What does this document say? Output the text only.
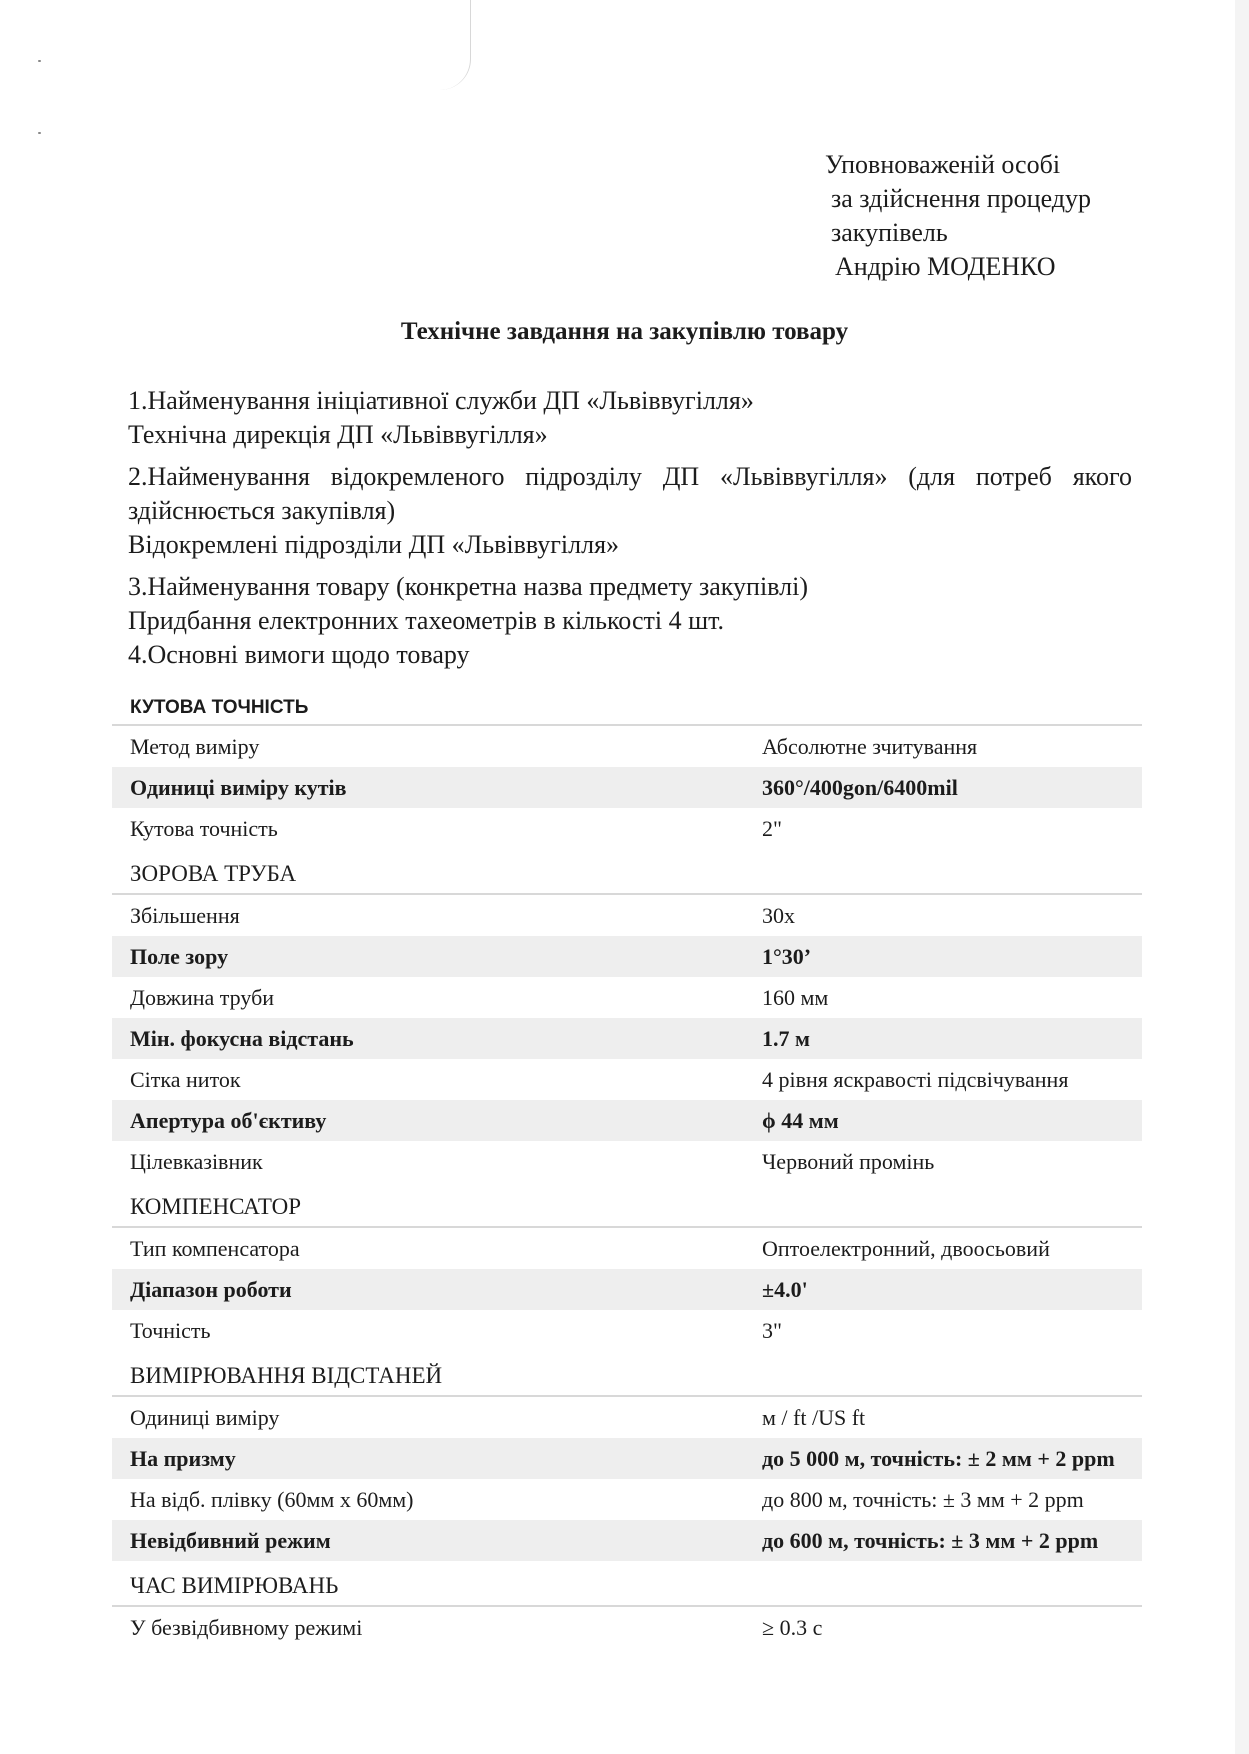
Уповноваженій особі
за здійснення процедур
закупівель
Андрію МОДЕНКО
Технічне завдання на закупівлю товару
1.Найменування ініціативної служби ДП «Львіввугілля»
Технічна дирекція ДП «Львіввугілля»
2.Найменування відокремленого підрозділу ДП «Львіввугілля» (для потреб якого здійснюється закупівля)
Відокремлені підрозділи ДП «Львіввугілля»
3.Найменування товару (конкретна назва предмету закупівлі)
Придбання електронних тахеометрів в кількості 4 шт.
4.Основні вимоги щодо товару
КУТОВА ТОЧНІСТЬ
Метод виміру	Абсолютне зчитування
Одиниці виміру кутів	360°/400gon/6400mil
Кутова точність	2"
ЗОРОВА ТРУБА
Збільшення	30x
Поле зору	1°30’
Довжина труби	160 мм
Мін. фокусна відстань	1.7 м
Сітка ниток	4 рівня яскравості підсвічування
Апертура об'єктиву	ϕ 44 мм
Цілевказівник	Червоний промінь
КОМПЕНСАТОР
Тип компенсатора	Оптоелектронний, двоосьовий
Діапазон роботи	±4.0'
Точність	3"
ВИМІРЮВАННЯ ВІДСТАНЕЙ
Одиниці виміру	м / ft /US ft
На призму	до 5 000 м, точність: ± 2 мм + 2 ppm
На відб. плівку (60мм х 60мм)	до 800 м, точність: ± 3 мм + 2 ppm
Невідбивний режим	до 600 м, точність: ± 3 мм + 2 ppm
ЧАС ВИМІРЮВАНЬ
У безвідбивному режимі	≥ 0.3 с
